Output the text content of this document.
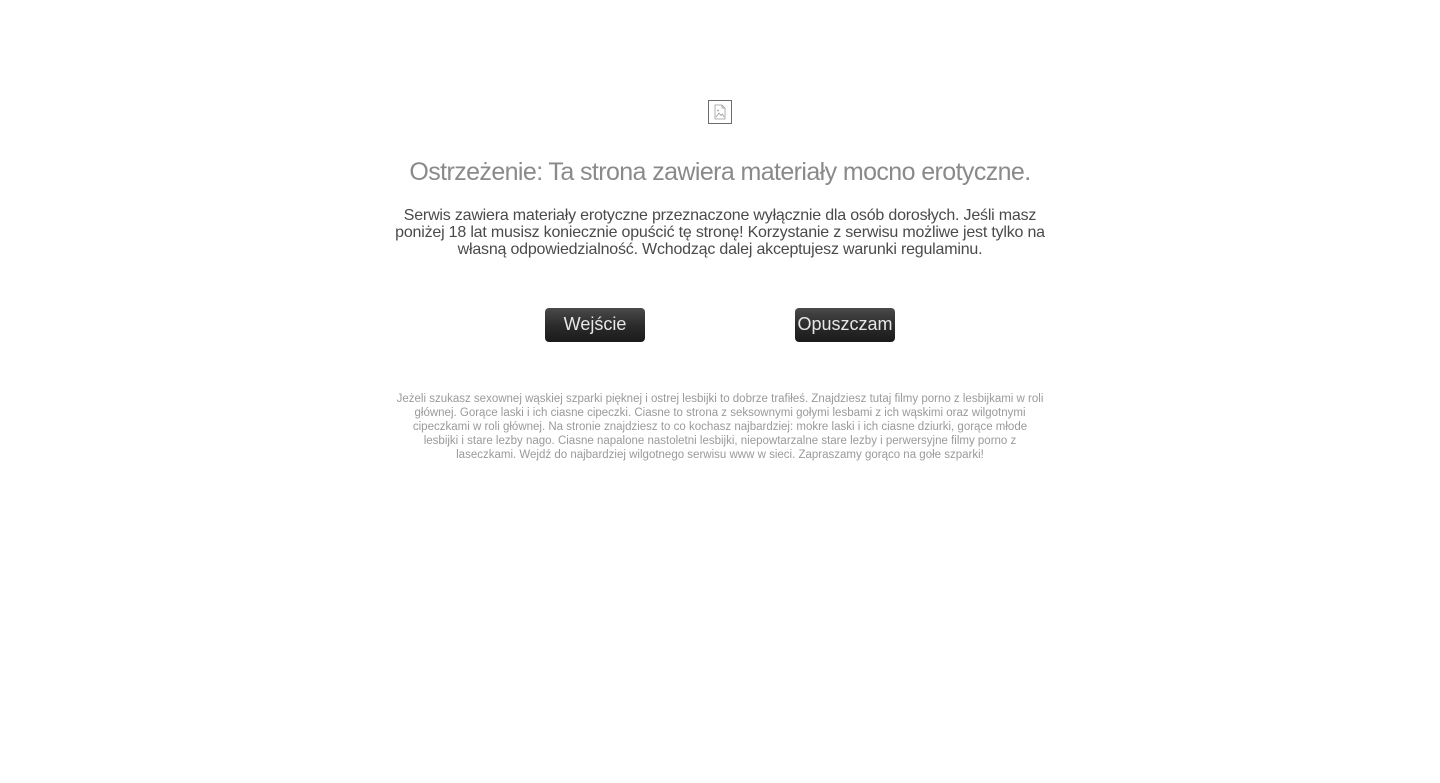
Ostrzeżenie: Ta strona zawiera materiały mocno erotyczne.

Serwis zawiera materiały erotyczne przeznaczone wyłącznie dla osób dorosłych. Jeśli masz poniżej 18 lat musisz koniecznie opuścić tę stronę! Korzystanie z serwisu możliwe jest tylko na własną odpowiedzialność. Wchodząc dalej akceptujesz warunki regulaminu.

Wejście	Opuszczam

Jeżeli szukasz sexownej wąskiej szparki pięknej i ostrej lesbijki to dobrze trafiłeś. Znajdziesz tutaj filmy porno z lesbijkami w roli głównej. Gorące laski i ich ciasne cipeczki. Ciasne to strona z seksownymi gołymi lesbami z ich wąskimi oraz wilgotnymi cipeczkami w roli głównej. Na stronie znajdziesz to co kochasz najbardziej: mokre laski i ich ciasne dziurki, gorące młode lesbijki i stare lezby nago. Ciasne napalone nastoletni lesbijki, niepowtarzalne stare lezby i perwersyjne filmy porno z laseczkami. Wejdź do najbardziej wilgotnego serwisu www w sieci. Zapraszamy gorąco na gołe szparki!
